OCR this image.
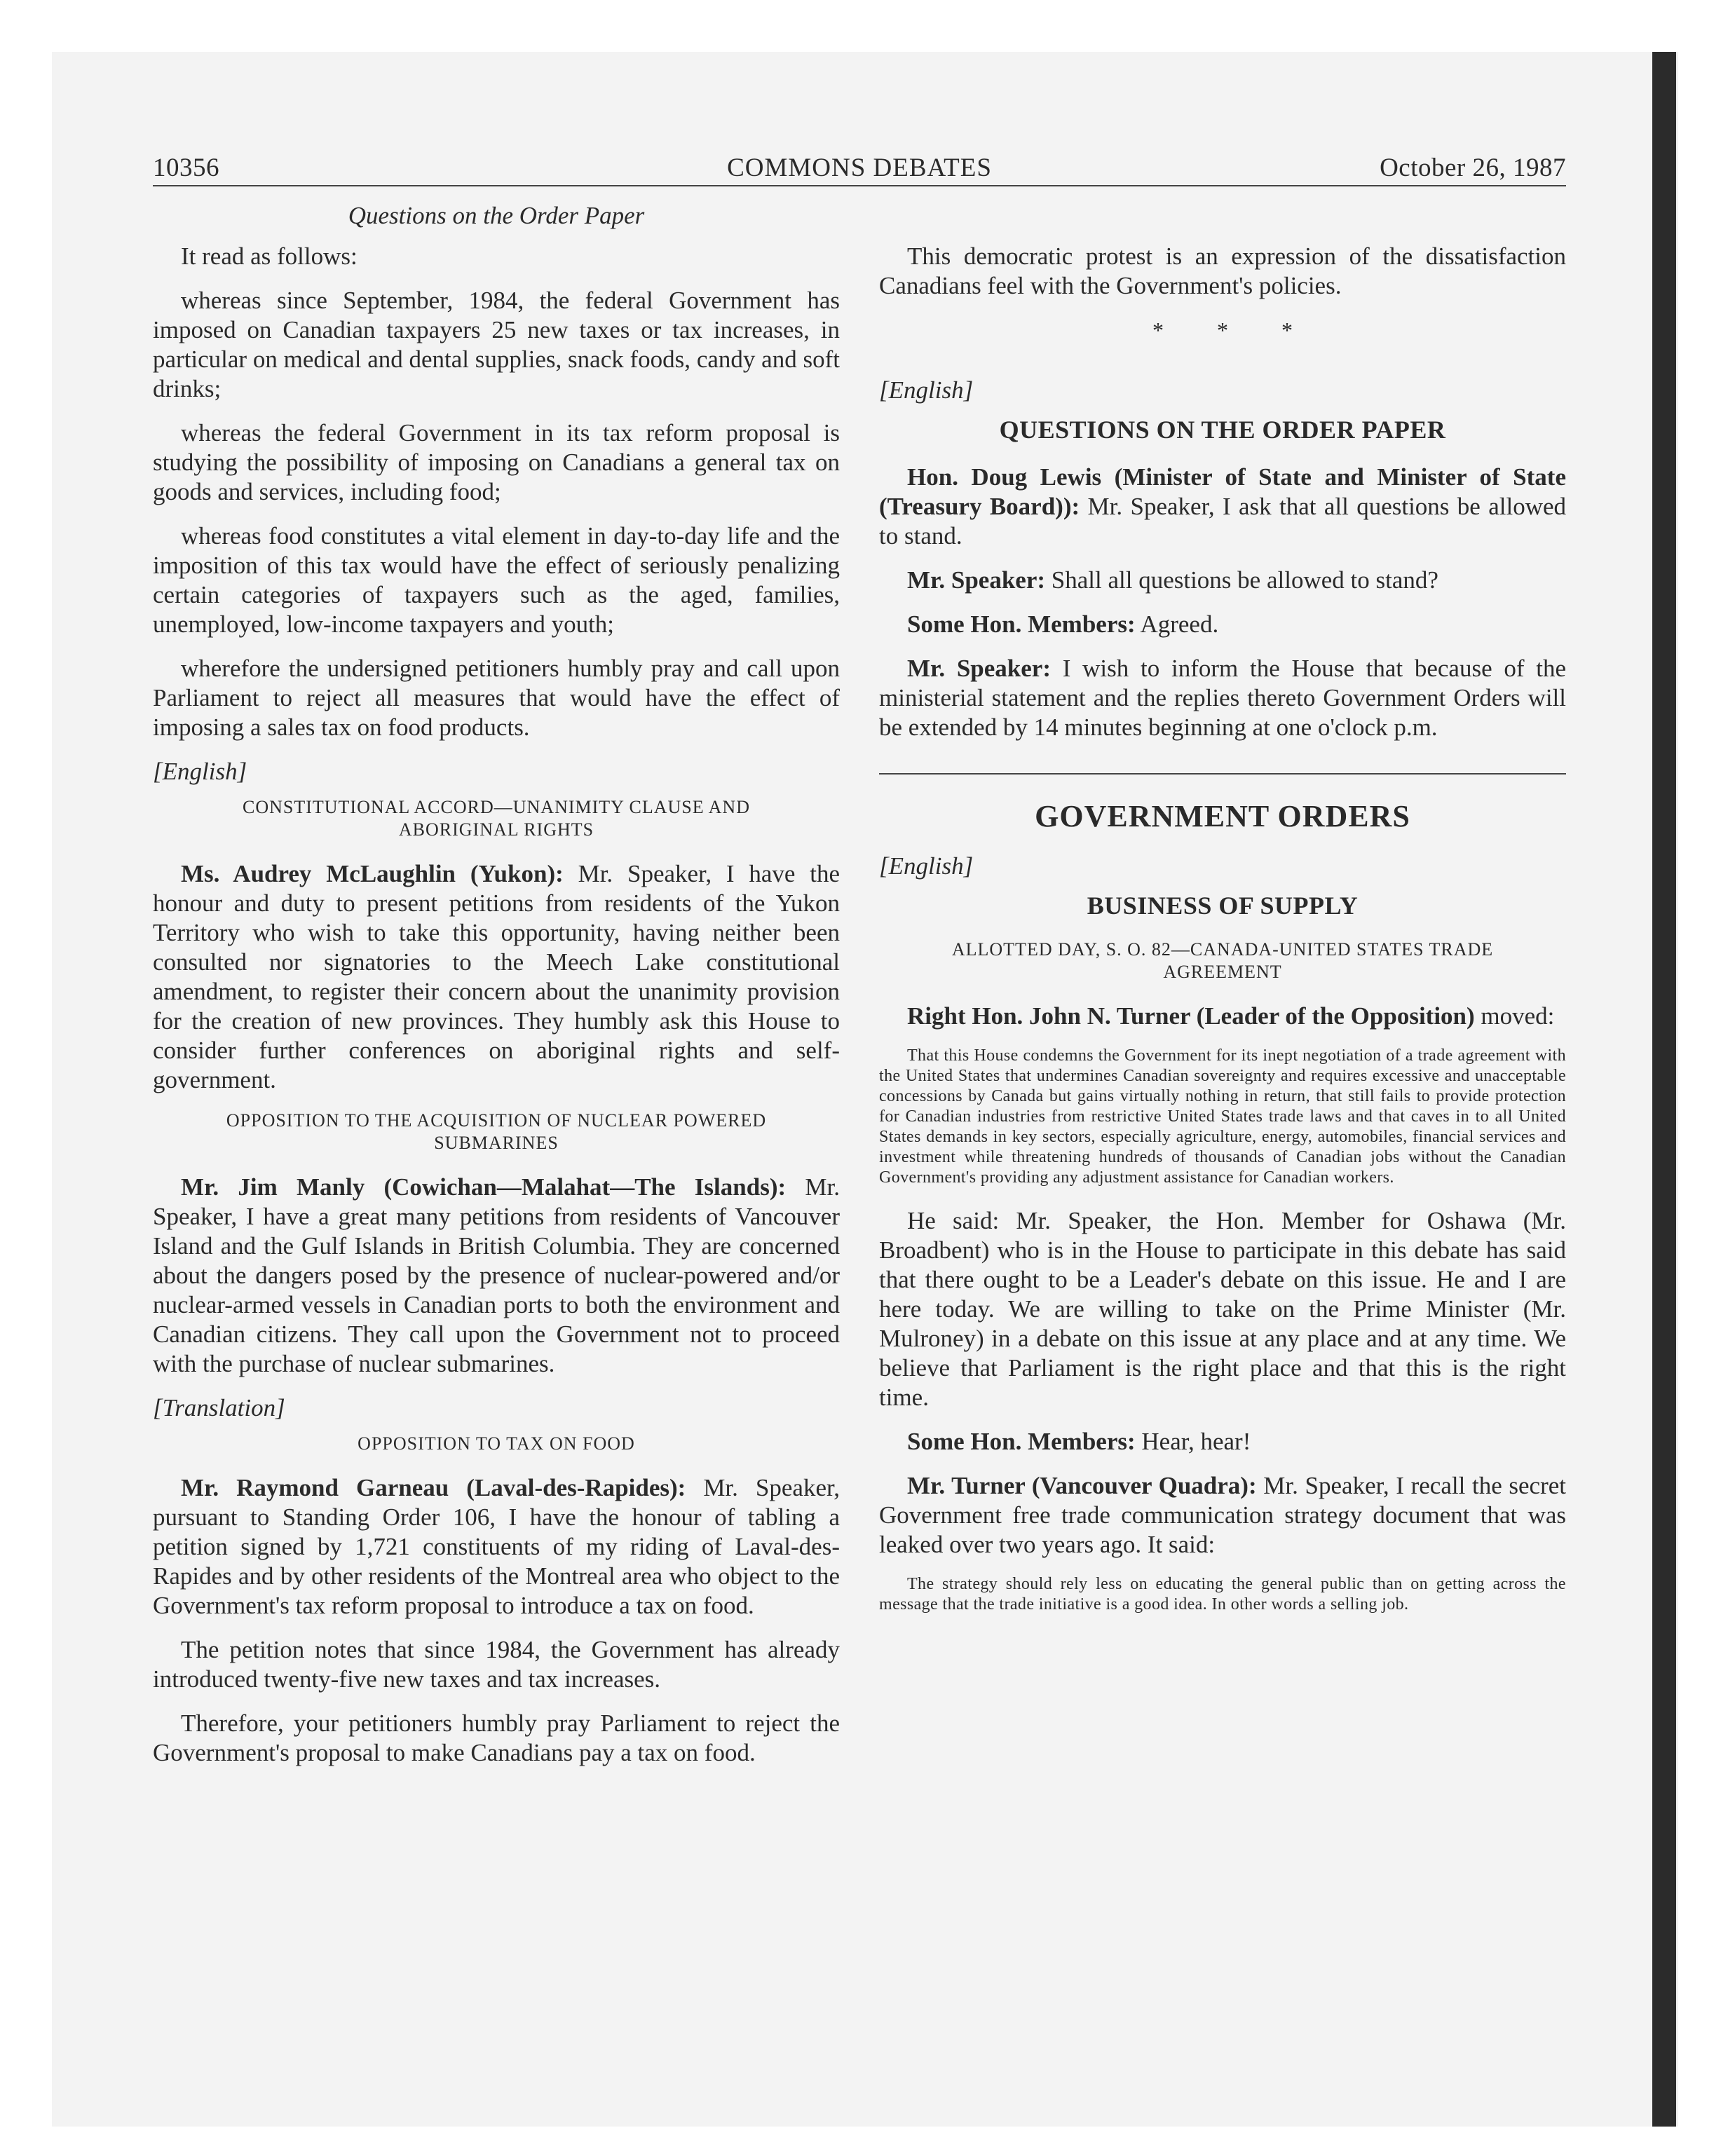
10356	COMMONS DEBATES	October 26, 1987
Questions on the Order Paper

It read as follows:

whereas since September, 1984, the federal Government has imposed on Canadian taxpayers 25 new taxes or tax increases, in particular on medical and dental supplies, snack foods, candy and soft drinks;

whereas the federal Government in its tax reform proposal is studying the possibility of imposing on Canadians a general tax on goods and services, including food;

whereas food constitutes a vital element in day-to-day life and the imposition of this tax would have the effect of seriously penalizing certain categories of taxpayers such as the aged, families, unemployed, low-income taxpayers and youth;

wherefore the undersigned petitioners humbly pray and call upon Parliament to reject all measures that would have the effect of imposing a sales tax on food products.

[English]

CONSTITUTIONAL ACCORD—UNANIMITY CLAUSE AND ABORIGINAL RIGHTS

Ms. Audrey McLaughlin (Yukon): Mr. Speaker, I have the honour and duty to present petitions from residents of the Yukon Territory who wish to take this opportunity, having neither been consulted nor signatories to the Meech Lake constitutional amendment, to register their concern about the unanimity provision for the creation of new provinces. They humbly ask this House to consider further conferences on aboriginal rights and self-government.

OPPOSITION TO THE ACQUISITION OF NUCLEAR POWERED SUBMARINES

Mr. Jim Manly (Cowichan—Malahat—The Islands): Mr. Speaker, I have a great many petitions from residents of Vancouver Island and the Gulf Islands in British Columbia. They are concerned about the dangers posed by the presence of nuclear-powered and/or nuclear-armed vessels in Canadian ports to both the environment and Canadian citizens. They call upon the Government not to proceed with the purchase of nuclear submarines.

[Translation]

OPPOSITION TO TAX ON FOOD

Mr. Raymond Garneau (Laval-des-Rapides): Mr. Speaker, pursuant to Standing Order 106, I have the honour of tabling a petition signed by 1,721 constituents of my riding of Laval-des-Rapides and by other residents of the Montreal area who object to the Government's tax reform proposal to introduce a tax on food.

The petition notes that since 1984, the Government has already introduced twenty-five new taxes and tax increases.

Therefore, your petitioners humbly pray Parliament to reject the Government's proposal to make Canadians pay a tax on food.

This democratic protest is an expression of the dissatisfaction Canadians feel with the Government's policies.

* * *

[English]

QUESTIONS ON THE ORDER PAPER

Hon. Doug Lewis (Minister of State and Minister of State (Treasury Board)): Mr. Speaker, I ask that all questions be allowed to stand.

Mr. Speaker: Shall all questions be allowed to stand?

Some Hon. Members: Agreed.

Mr. Speaker: I wish to inform the House that because of the ministerial statement and the replies thereto Government Orders will be extended by 14 minutes beginning at one o'clock p.m.

GOVERNMENT ORDERS

[English]

BUSINESS OF SUPPLY

ALLOTTED DAY, S. O. 82—CANADA-UNITED STATES TRADE AGREEMENT

Right Hon. John N. Turner (Leader of the Opposition) moved:

That this House condemns the Government for its inept negotiation of a trade agreement with the United States that undermines Canadian sovereignty and requires excessive and unacceptable concessions by Canada but gains virtually nothing in return, that still fails to provide protection for Canadian industries from restrictive United States trade laws and that caves in to all United States demands in key sectors, especially agriculture, energy, automobiles, financial services and investment while threatening hundreds of thousands of Canadian jobs without the Canadian Government's providing any adjustment assistance for Canadian workers.

He said: Mr. Speaker, the Hon. Member for Oshawa (Mr. Broadbent) who is in the House to participate in this debate has said that there ought to be a Leader's debate on this issue. He and I are here today. We are willing to take on the Prime Minister (Mr. Mulroney) in a debate on this issue at any place and at any time. We believe that Parliament is the right place and that this is the right time.

Some Hon. Members: Hear, hear!

Mr. Turner (Vancouver Quadra): Mr. Speaker, I recall the secret Government free trade communication strategy document that was leaked over two years ago. It said:

The strategy should rely less on educating the general public than on getting across the message that the trade initiative is a good idea. In other words a selling job.
